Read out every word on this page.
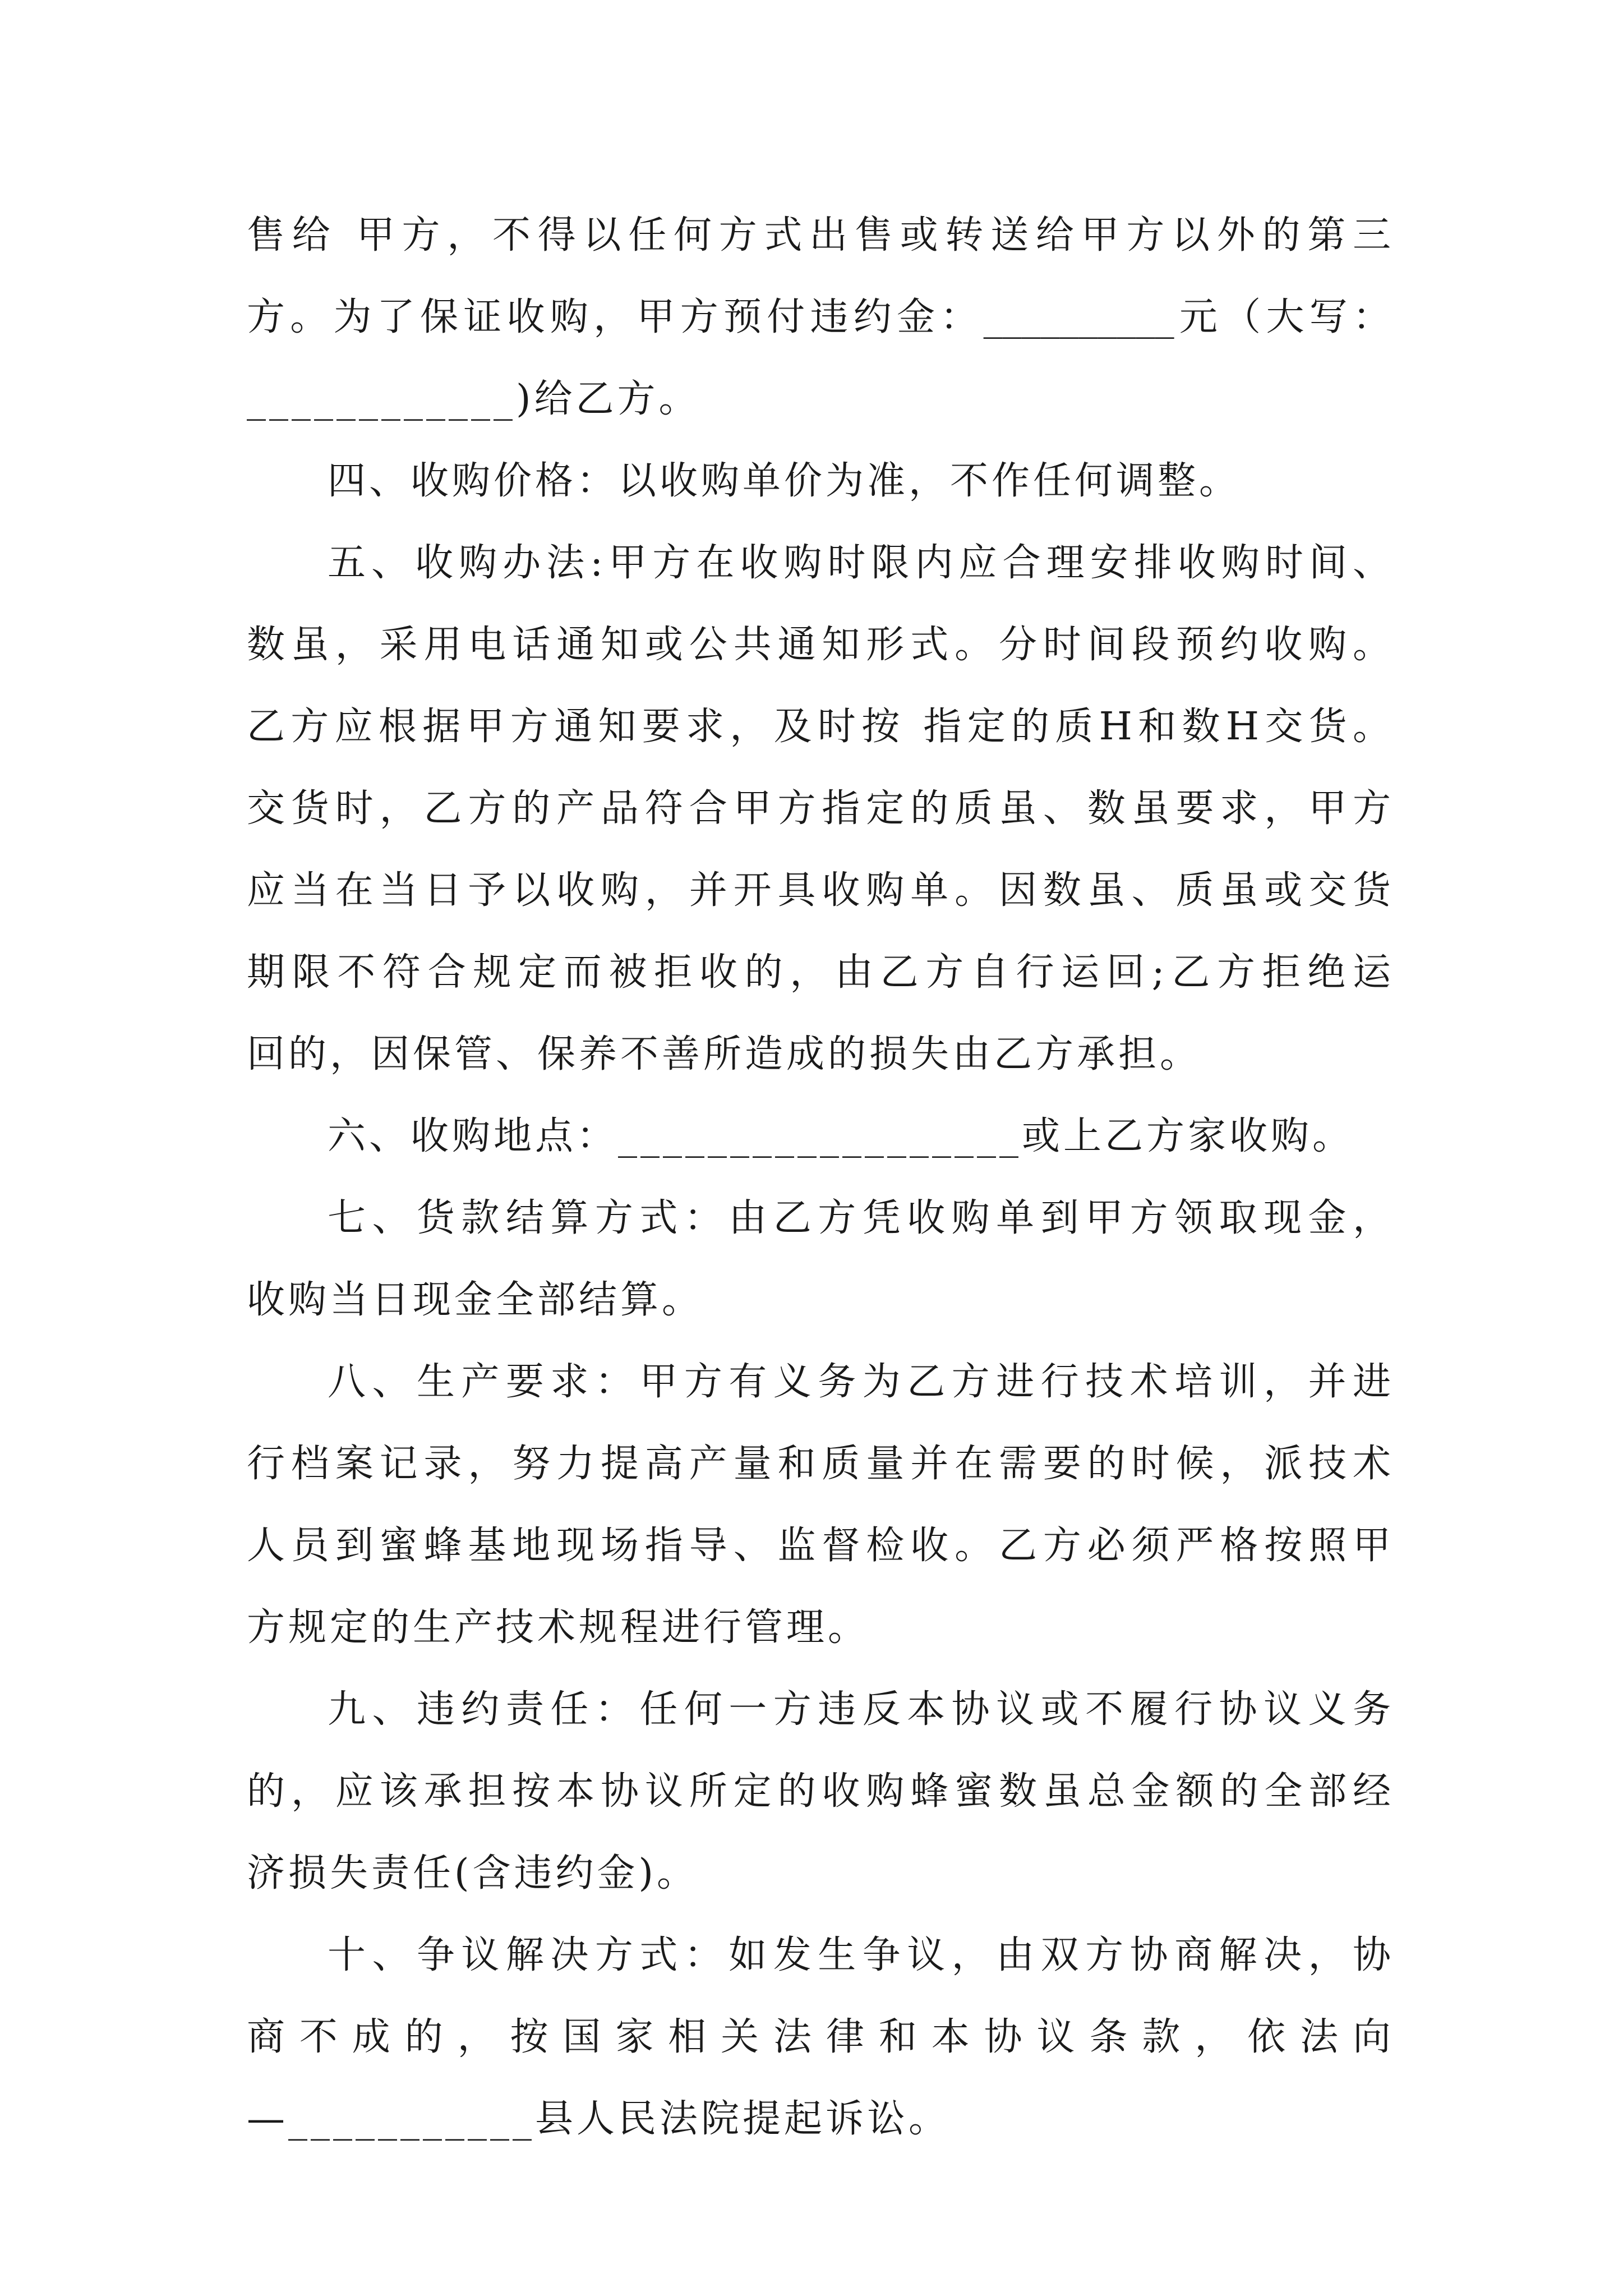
售给 甲方，不得以任何方式出售或转送给甲方以外的第三
方。为了保证收购，甲方预付违约金：__________元（大写：
____________)给乙方。
四、收购价格：以收购单价为准，不作任何调整。
五、收购办法:甲方在收购时限内应合理安排收购时间、
数虽，采用电话通知或公共通知形式。分时间段预约收购。
乙方应根据甲方通知要求，及时按 指定的质H和数H交货。
交货时，乙方的产品符合甲方指定的质虽、数虽要求，甲方
应当在当日予以收购，并开具收购单。因数虽、质虽或交货
期限不符合规定而被拒收的，由乙方自行运回;乙方拒绝运
回的，因保管、保养不善所造成的损失由乙方承担。
六、收购地点：__________________或上乙方家收购。
七、货款结算方式：由乙方凭收购单到甲方领取现金，
收购当日现金全部结算。
八、生产要求：甲方有义务为乙方进行技术培训，并进
行档案记录，努力提高产量和质量并在需要的时候，派技术
人员到蜜蜂基地现场指导、监督检收。乙方必须严格按照甲
方规定的生产技术规程进行管理。
九、违约责任：任何一方违反本协议或不履行协议义务
的，应该承担按本协议所定的收购蜂蜜数虽总金额的全部经
济损失责任(含违约金)。
十、争议解决方式：如发生争议，由双方协商解决，协
商不成的，按国家相关法律和本协议条款，依法向
—___________县人民法院提起诉讼。
